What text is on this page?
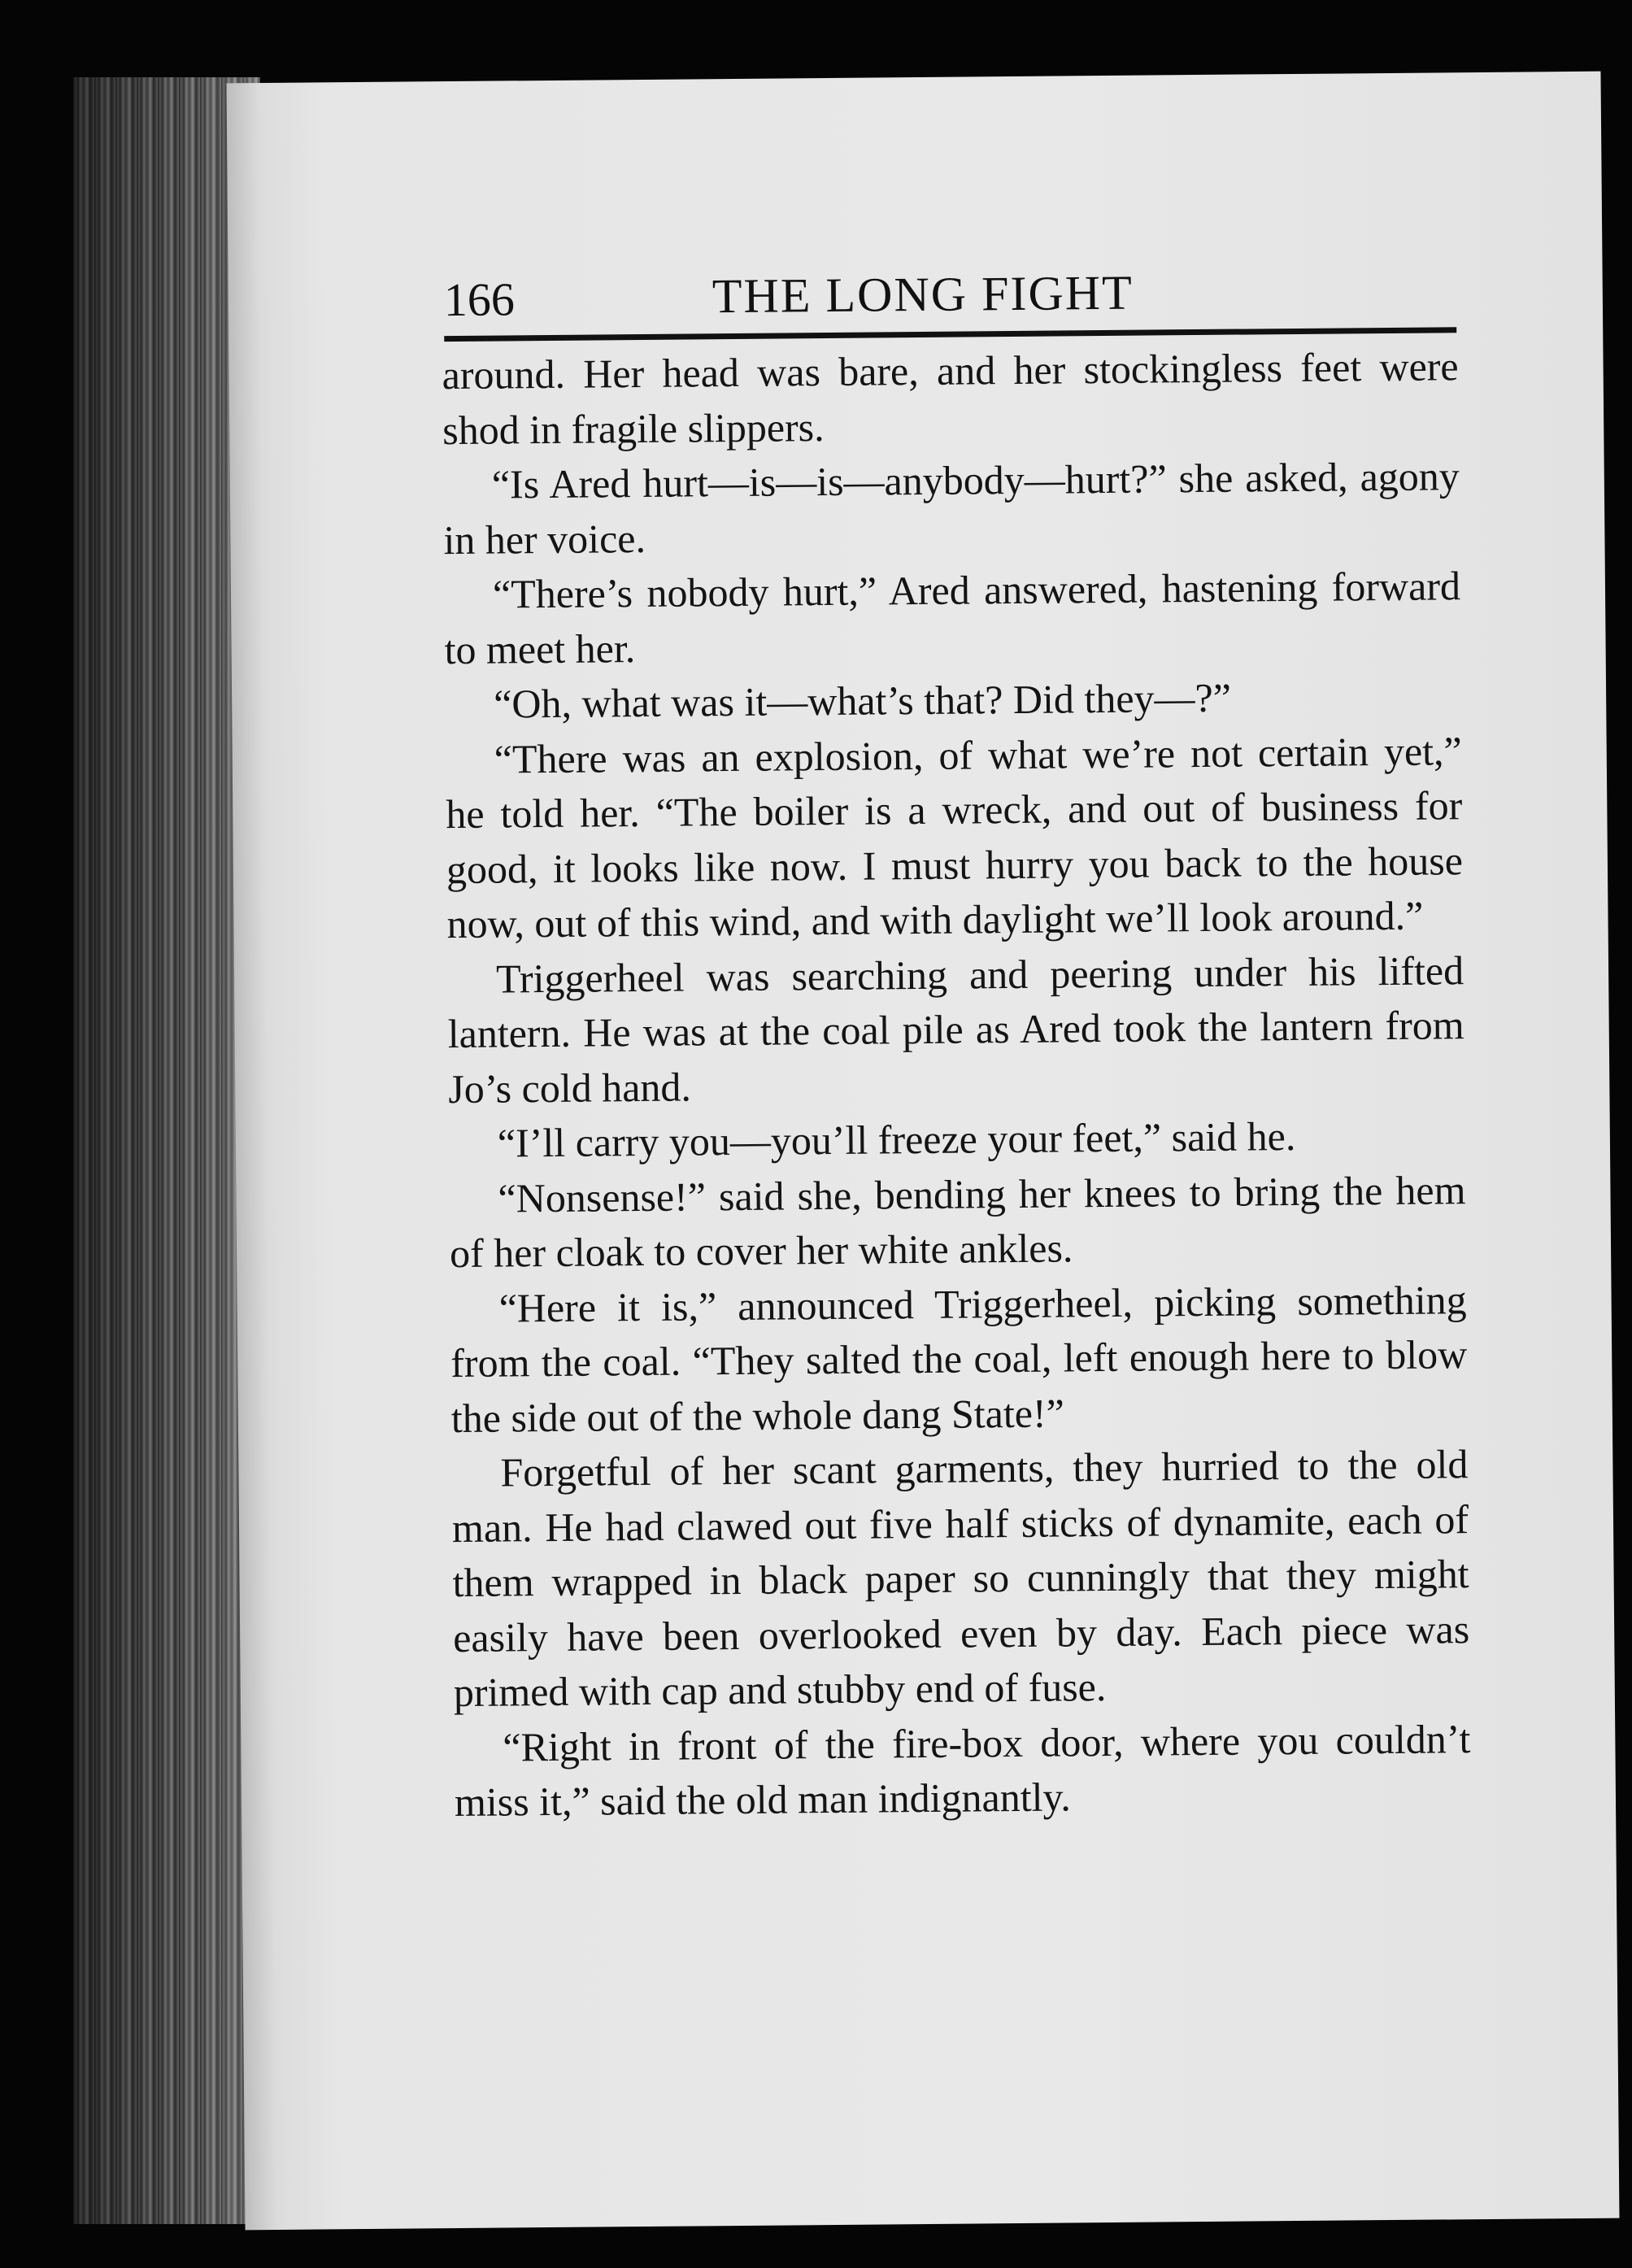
166	THE LONG FIGHT

around. Her head was bare, and her stockingless feet were shod in fragile slippers.

“Is Ared hurt—is—is—anybody—hurt?” she asked, agony in her voice.

“There’s nobody hurt,” Ared answered, hastening forward to meet her.

“Oh, what was it—what’s that? Did they—?”

“There was an explosion, of what we’re not certain yet,” he told her. “The boiler is a wreck, and out of business for good, it looks like now. I must hurry you back to the house now, out of this wind, and with daylight we’ll look around.”

Triggerheel was searching and peering under his lifted lantern. He was at the coal pile as Ared took the lantern from Jo’s cold hand.

“I’ll carry you—you’ll freeze your feet,” said he.

“Nonsense!” said she, bending her knees to bring the hem of her cloak to cover her white ankles.

“Here it is,” announced Triggerheel, picking something from the coal. “They salted the coal, left enough here to blow the side out of the whole dang State!”

Forgetful of her scant garments, they hurried to the old man. He had clawed out five half sticks of dynamite, each of them wrapped in black paper so cunningly that they might easily have been overlooked even by day. Each piece was primed with cap and stubby end of fuse.

“Right in front of the fire-box door, where you couldn’t miss it,” said the old man indignantly.
